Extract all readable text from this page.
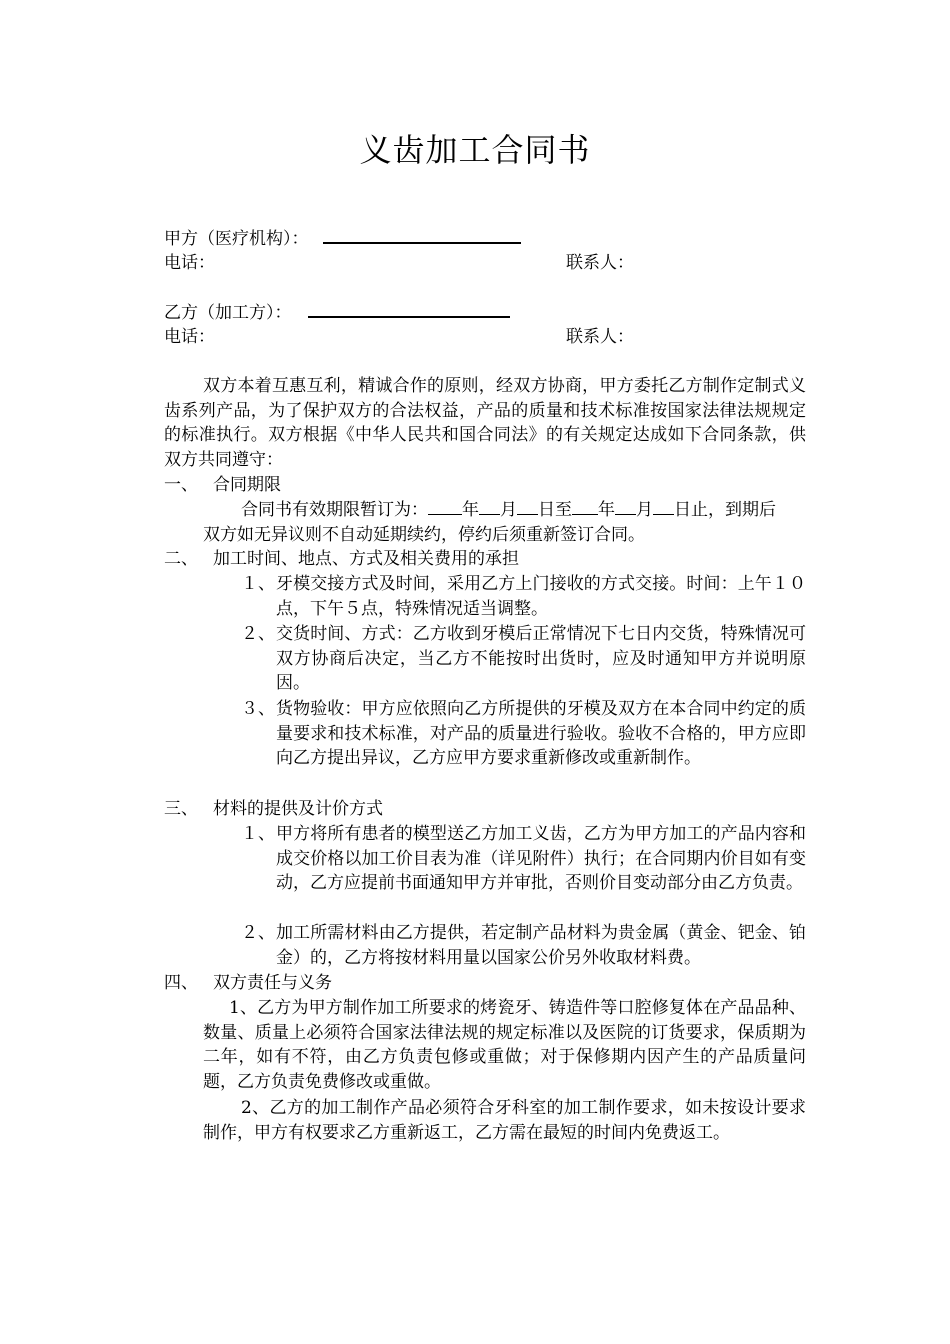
义齿加工合同书
甲方（医疗机构）：
电话：	联系人：
乙方（加工方）：
电话：	联系人：
双方本着互惠互利，精诚合作的原则，经双方协商，甲方委托乙方制作定制式义齿系列产品，为了保护双方的合法权益，产品的质量和技术标准按国家法律法规规定的标准执行。双方根据《中华人民共和国合同法》的有关规定达成如下合同条款，供双方共同遵守：
一、 合同期限
合同书有效期限暂订为： 年 月 日至 年 月 日止，到期后
双方如无异议则不自动延期续约，停约后须重新签订合同。
二、 加工时间、地点、方式及相关费用的承担
１、 牙模交接方式及时间，采用乙方上门接收的方式交接。时间：上午１０点，下午５点，特殊情况适当调整。
２、 交货时间、方式：乙方收到牙模后正常情况下七日内交货，特殊情况可双方协商后决定，当乙方不能按时出货时，应及时通知甲方并说明原因。
３、 货物验收：甲方应依照向乙方所提供的牙模及双方在本合同中约定的质量要求和技术标准，对产品的质量进行验收。验收不合格的，甲方应即向乙方提出异议，乙方应甲方要求重新修改或重新制作。
三、 材料的提供及计价方式
１、 甲方将所有患者的模型送乙方加工义齿，乙方为甲方加工的产品内容和成交价格以加工价目表为准（详见附件）执行；在合同期内价目如有变动，乙方应提前书面通知甲方并审批，否则价目变动部分由乙方负责。
２、 加工所需材料由乙方提供，若定制产品材料为贵金属（黄金、钯金、铂金）的，乙方将按材料用量以国家公价另外收取材料费。
四、 双方责任与义务
1、乙方为甲方制作加工所要求的烤瓷牙、铸造件等口腔修复体在产品品种、数量、质量上必须符合国家法律法规的规定标准以及医院的订货要求，保质期为二年，如有不符，由乙方负责包修或重做；对于保修期内因产生的产品质量问题，乙方负责免费修改或重做。
2、乙方的加工制作产品必须符合牙科室的加工制作要求，如未按设计要求制作，甲方有权要求乙方重新返工，乙方需在最短的时间内免费返工。
